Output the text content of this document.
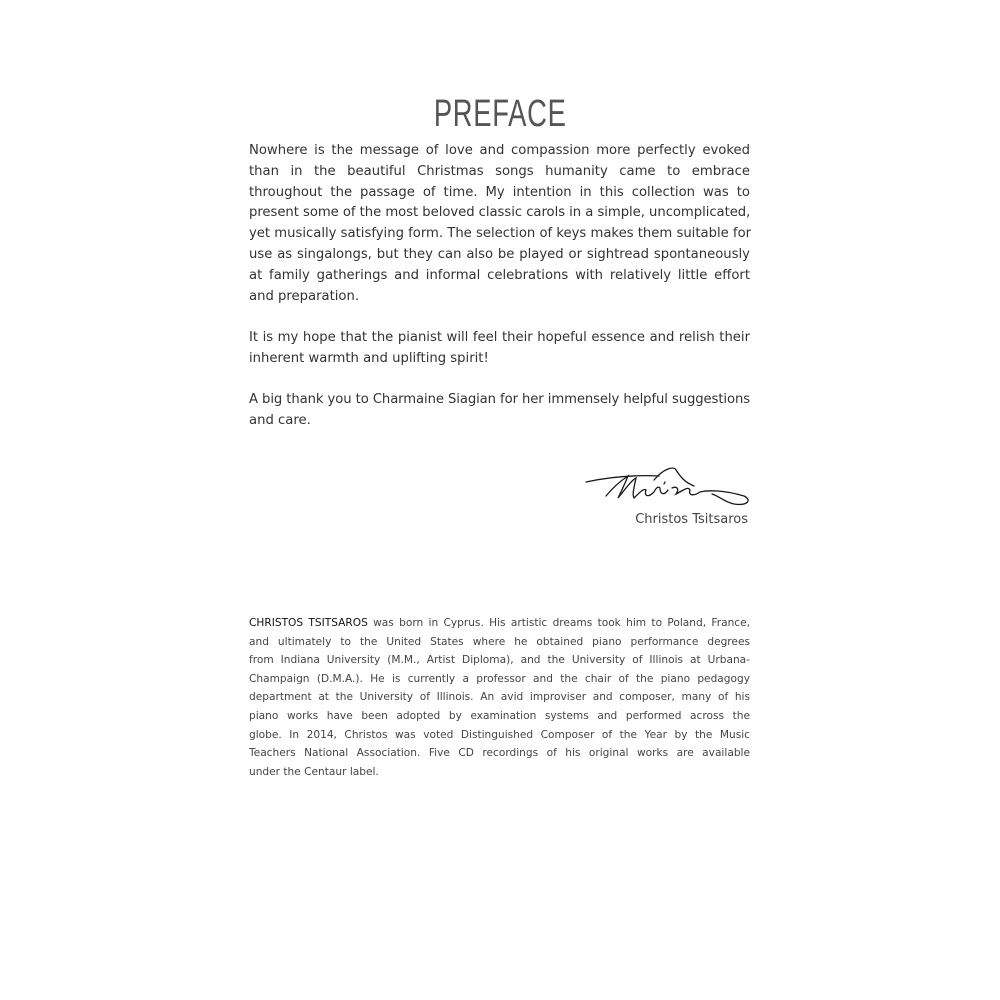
PREFACE
Nowhere is the message of love and compassion more perfectly evoked
than in the beautiful Christmas songs humanity came to embrace
throughout the passage of time. My intention in this collection was to
present some of the most beloved classic carols in a simple, uncomplicated,
yet musically satisfying form. The selection of keys makes them suitable for
use as singalongs, but they can also be played or sightread spontaneously
at family gatherings and informal celebrations with relatively little effort
and preparation.
It is my hope that the pianist will feel their hopeful essence and relish their
inherent warmth and uplifting spirit!
A big thank you to Charmaine Siagian for her immensely helpful suggestions
and care.
Christos Tsitsaros
CHRISTOS TSITSAROS was born in Cyprus. His artistic dreams took him to Poland, France,
and ultimately to the United States where he obtained piano performance degrees
from Indiana University (M.M., Artist Diploma), and the University of Illinois at Urbana-
Champaign (D.M.A.). He is currently a professor and the chair of the piano pedagogy
department at the University of Illinois. An avid improviser and composer, many of his
piano works have been adopted by examination systems and performed across the
globe. In 2014, Christos was voted Distinguished Composer of the Year by the Music
Teachers National Association. Five CD recordings of his original works are available
under the Centaur label.
